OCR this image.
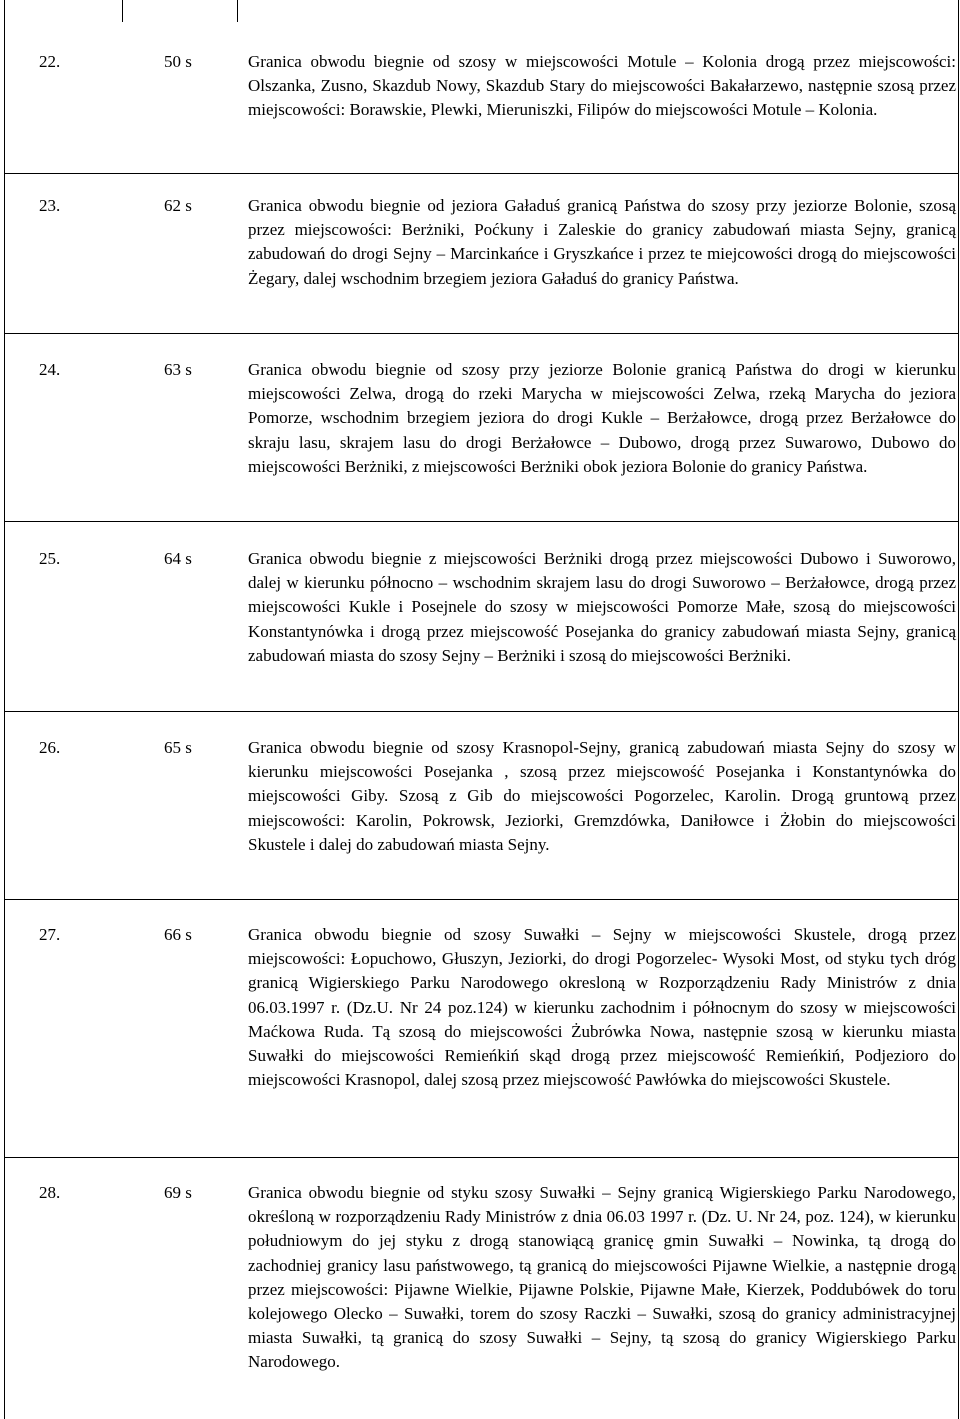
22.	50 s	Granica obwodu biegnie od szosy w miejscowości Motule – Kolonia drogą przez miejscowości: Olszanka, Zusno, Skazdub Nowy, Skazdub Stary do miejscowości Bakałarzewo, następnie szosą przez miejscowości: Borawskie, Plewki, Mieruniszki, Filipów do miejscowości Motule – Kolonia.
23.	62 s	Granica obwodu biegnie od jeziora Gaładuś granicą Państwa do szosy przy jeziorze Bolonie, szosą przez miejscowości: Berżniki, Poćkuny i Zaleskie do granicy zabudowań miasta Sejny, granicą zabudowań do drogi Sejny – Marcinkańce i Gryszkańce i przez te miejcowości drogą do miejscowości Żegary, dalej wschodnim brzegiem jeziora Gaładuś do granicy Państwa.
24.	63 s	Granica obwodu biegnie od szosy przy jeziorze Bolonie granicą Państwa do drogi w kierunku miejscowości Zelwa, drogą do rzeki Marycha w miejscowości Zelwa, rzeką Marycha do jeziora Pomorze, wschodnim brzegiem jeziora do drogi Kukle – Berżałowce, drogą przez Berżałowce do skraju lasu, skrajem lasu do drogi Berżałowce – Dubowo, drogą przez Suwarowo, Dubowo do miejscowości Berżniki, z miejscowości Berżniki obok jeziora Bolonie do granicy Państwa.
25.	64 s	Granica obwodu biegnie z miejscowości Berżniki drogą przez miejscowości Dubowo i Suworowo, dalej w kierunku północno – wschodnim skrajem lasu do drogi Suworowo – Berżałowce, drogą przez miejscowości Kukle i Posejnele do szosy w miejscowości Pomorze Małe, szosą do miejscowości Konstantynówka i drogą przez miejscowość Posejanka do granicy zabudowań miasta Sejny, granicą zabudowań miasta do szosy Sejny – Berżniki i szosą do miejscowości Berżniki.
26.	65 s	Granica obwodu biegnie od szosy Krasnopol-Sejny, granicą zabudowań miasta Sejny do szosy w kierunku miejscowości Posejanka , szosą przez miejscowość Posejanka i Konstantynówka do miejscowości Giby. Szosą z Gib do miejscowości Pogorzelec, Karolin. Drogą gruntową przez miejscowości: Karolin, Pokrowsk, Jeziorki, Gremzdówka, Daniłowce i Żłobin do miejscowości Skustele i dalej do zabudowań miasta Sejny.
27.	66 s	Granica obwodu biegnie od szosy Suwałki – Sejny w miejscowości Skustele, drogą przez miejscowości: Łopuchowo, Głuszyn, Jeziorki, do drogi Pogorzelec- Wysoki Most, od styku tych dróg granicą Wigierskiego Parku Narodowego okresloną w Rozporządzeniu Rady Ministrów z dnia 06.03.1997 r. (Dz.U. Nr 24 poz.124) w kierunku zachodnim i północnym do szosy w miejscowości Maćkowa Ruda. Tą szosą do miejscowości Żubrówka Nowa, następnie szosą w kierunku miasta Suwałki do miejscowości Remieńkiń skąd drogą przez miejscowość Remieńkiń, Podjezioro do miejscowości Krasnopol, dalej szosą przez miejscowość Pawłówka do miejscowości Skustele.
28.	69 s	Granica obwodu biegnie od styku szosy Suwałki – Sejny granicą Wigierskiego Parku Narodowego, określoną w rozporządzeniu Rady Ministrów z dnia 06.03 1997 r. (Dz. U. Nr 24, poz. 124), w kierunku południowym do jej styku z drogą stanowiącą granicę gmin Suwałki – Nowinka, tą drogą do zachodniej granicy lasu państwowego, tą granicą do miejscowości Pijawne Wielkie, a następnie drogą przez miejscowości: Pijawne Wielkie, Pijawne Polskie, Pijawne Małe, Kierzek, Poddubówek do toru kolejowego Olecko – Suwałki, torem do szosy Raczki – Suwałki, szosą do granicy administracyjnej miasta Suwałki, tą granicą do szosy Suwałki – Sejny, tą szosą do granicy Wigierskiego Parku Narodowego.
